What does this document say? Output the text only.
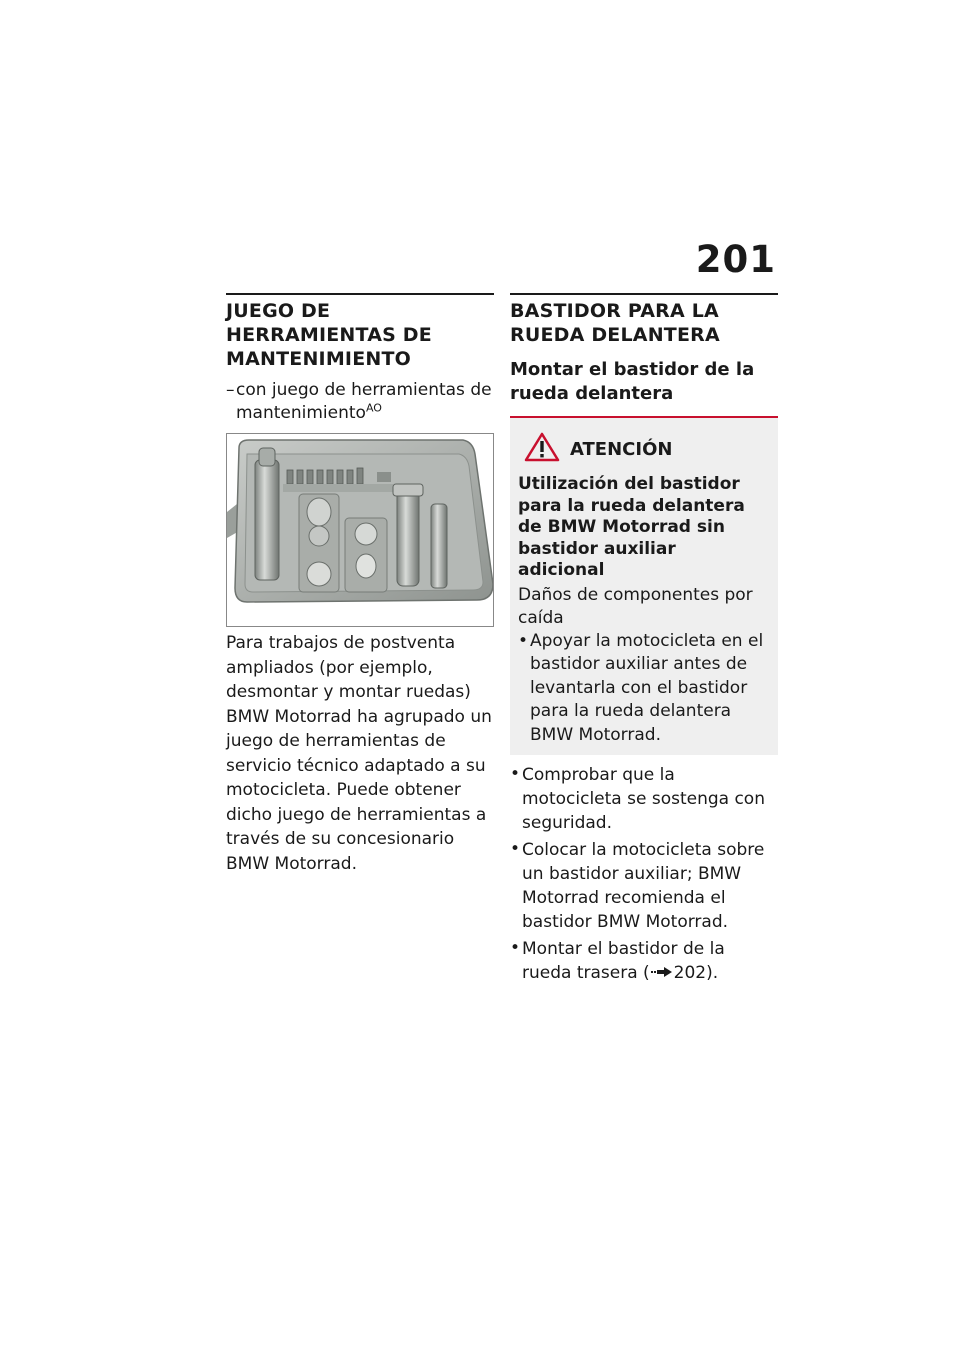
201
JUEGO DE HERRAMIENTAS DE MANTENIMIENTO
– con juego de herramientas de mantenimiento$^{AO}$
Para trabajos de postventa ampliados (por ejemplo, desmontar y montar ruedas) BMW Motorrad ha agrupado un juego de herramientas de servicio técnico adaptado a su motocicleta. Puede obtener dicho juego de herramientas a través de su concesionario BMW Motorrad.
BASTIDOR PARA LA RUEDA DELANTERA
Montar el bastidor de la rueda delantera
ATENCIÓN
Utilización del bastidor para la rueda delantera de BMW Motorrad sin bastidor auxiliar adicional
Daños de componentes por caída
• Apoyar la motocicleta en el bastidor auxiliar antes de levantarla con el bastidor para la rueda delantera BMW Motorrad.
• Comprobar que la motocicleta se sostenga con seguridad.
• Colocar la motocicleta sobre un bastidor auxiliar; BMW Motorrad recomienda el bastidor BMW Motorrad.
• Montar el bastidor de la rueda trasera ( 202).
